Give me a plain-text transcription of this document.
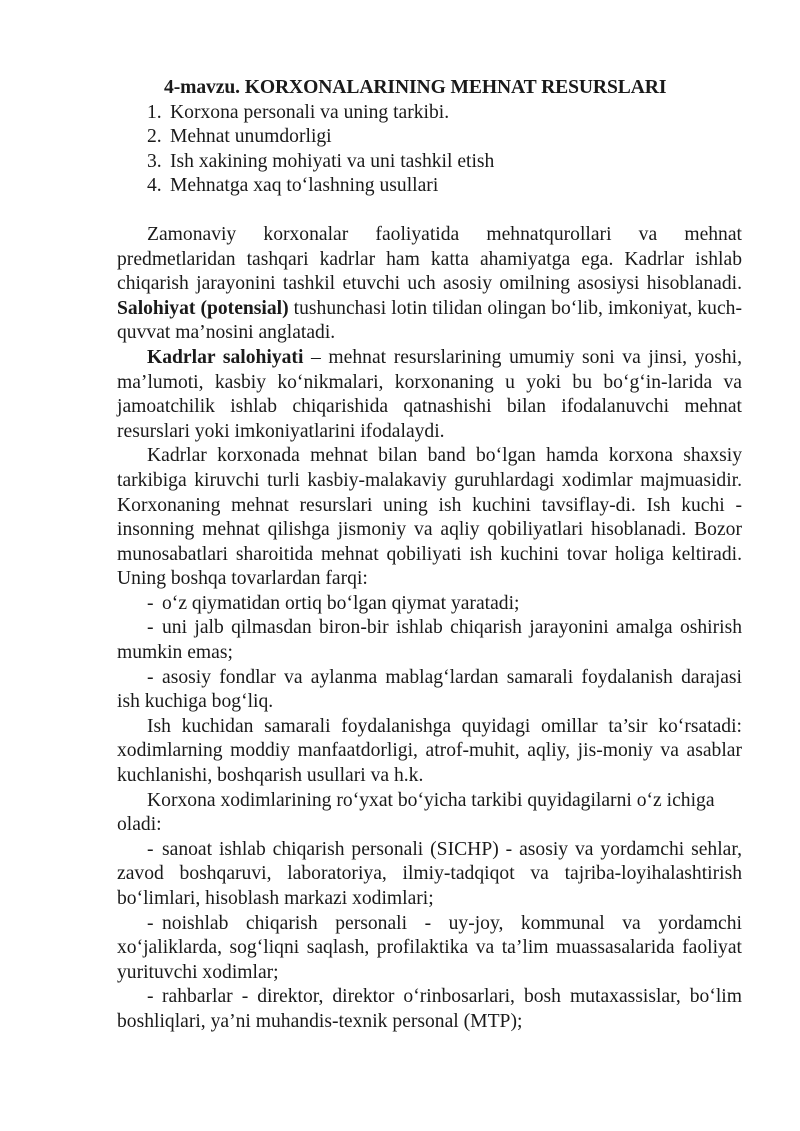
4-mavzu. KORXONALARINING MEHNAT RESURSLARI
1. Korxona personali va uning tarkibi.
2. Mehnat unumdorligi
3. Ish xakining mohiyati va uni tashkil etish
4. Mehnatga xaq to‘lashning usullari

Zamonaviy korxonalar faoliyatida mehnatqurollari va mehnat predmetlaridan tashqari kadrlar ham katta ahamiyatga ega. Kadrlar ishlab chiqarish jarayonini tashkil etuvchi uch asosiy omilning asosiysi hisoblanadi. Salohiyat (potensial) tushunchasi lotin tilidan olingan bo‘lib, imkoniyat, kuch-quvvat ma’nosini anglatadi.

Kadrlar salohiyati – mehnat resurslarining umumiy soni va jinsi, yoshi, ma’lumoti, kasbiy ko‘nikmalari, korxonaning u yoki bu bo‘g‘in-larida va jamoatchilik ishlab chiqarishida qatnashishi bilan ifodalanuvchi mehnat resurslari yoki imkoniyatlarini ifodalaydi.

Kadrlar korxonada mehnat bilan band bo‘lgan hamda korxona shaxsiy tarkibiga kiruvchi turli kasbiy-malakaviy guruhlardagi xodimlar majmuasidir. Korxonaning mehnat resurslari uning ish kuchini tavsiflay-di. Ish kuchi - insonning mehnat qilishga jismoniy va aqliy qobiliyatlari hisoblanadi. Bozor munosabatlari sharoitida mehnat qobiliyati ish kuchini tovar holiga keltiradi. Uning boshqa tovarlardan farqi:

- o‘z qiymatidan ortiq bo‘lgan qiymat yaratadi;

- uni jalb qilmasdan biron-bir ishlab chiqarish jarayonini amalga oshirish mumkin emas;

- asosiy fondlar va aylanma mablag‘lardan samarali foydalanish darajasi ish kuchiga bog‘liq.

Ish kuchidan samarali foydalanishga quyidagi omillar ta’sir ko‘rsatadi: xodimlarning moddiy manfaatdorligi, atrof-muhit, aqliy, jis-moniy va asablar kuchlanishi, boshqarish usullari va h.k.

Korxona xodimlarining ro‘yxat bo‘yicha tarkibi quyidagilarni o‘z ichiga oladi:

- sanoat ishlab chiqarish personali (SICHP) - asosiy va yordamchi sehlar, zavod boshqaruvi, laboratoriya, ilmiy-tadqiqot va tajriba-loyihalashtirish bo‘limlari, hisoblash markazi xodimlari;

- noishlab chiqarish personali - uy-joy, kommunal va yordamchi xo‘jaliklarda, sog‘liqni saqlash, profilaktika va ta’lim muassasalarida faoliyat yurituvchi xodimlar;

- rahbarlar - direktor, direktor o‘rinbosarlari, bosh mutaxassislar, bo‘lim boshliqlari, ya’ni muhandis-texnik personal (MTP);
